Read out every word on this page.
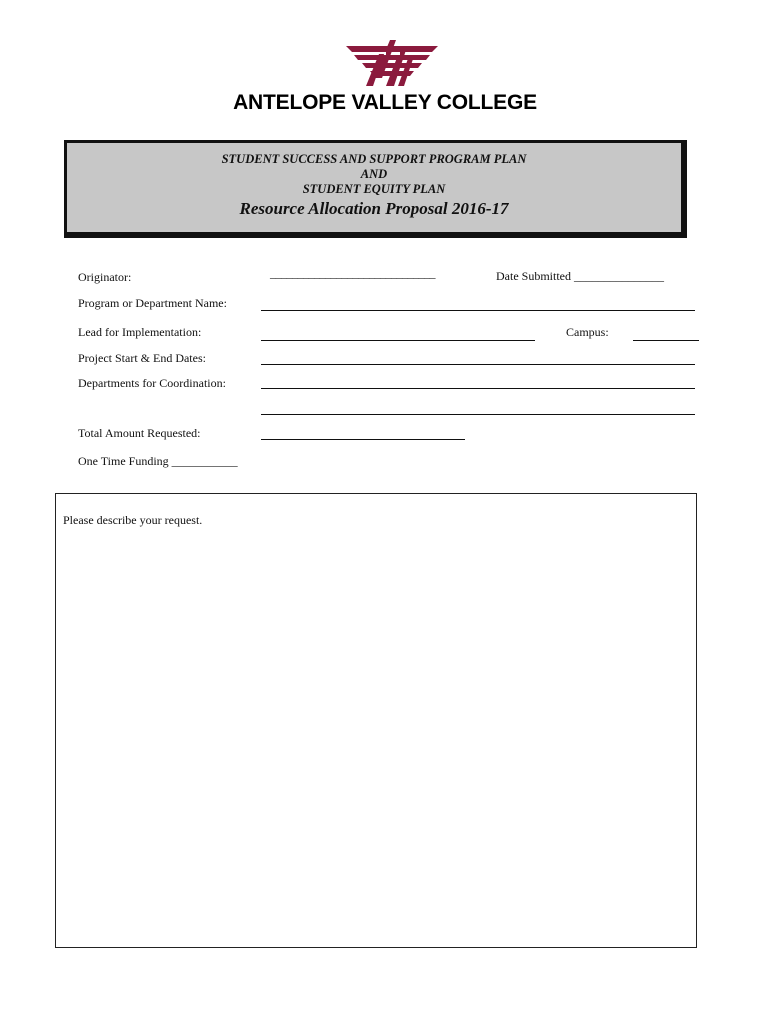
ANTELOPE VALLEY COLLEGE
STUDENT SUCCESS AND SUPPORT PROGRAM PLAN
AND
STUDENT EQUITY PLAN
Resource Allocation Proposal 2016-17
Originator:	______________________________	Date Submitted _______________
Program or Department Name:
Lead for Implementation:	Campus:
Project Start & End Dates:
Departments for Coordination:
Total Amount Requested:
One Time Funding ___________
Please describe your request.
